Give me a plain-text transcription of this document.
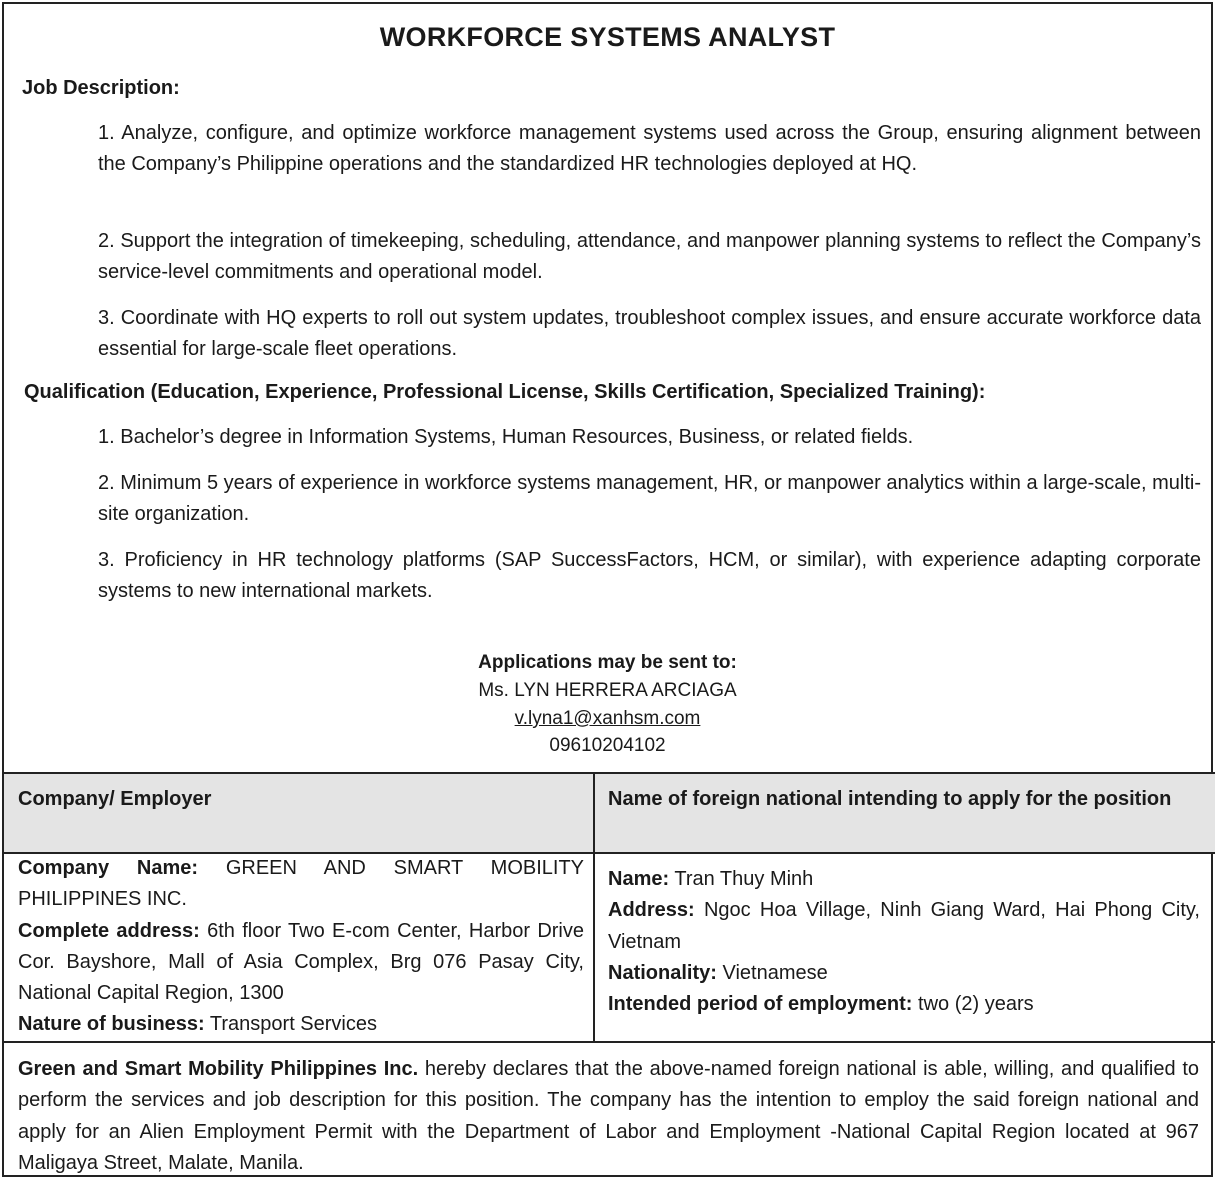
WORKFORCE SYSTEMS ANALYST
Job Description:
1. Analyze, configure, and optimize workforce management systems used across the Group, ensuring alignment between the Company’s Philippine operations and the standardized HR technologies deployed at HQ.
2. Support the integration of timekeeping, scheduling, attendance, and manpower planning systems to reflect the Company’s service-level commitments and operational model.
3. Coordinate with HQ experts to roll out system updates, troubleshoot complex issues, and ensure accurate workforce data essential for large-scale fleet operations.
Qualification (Education, Experience, Professional License, Skills Certification, Specialized Training):
1. Bachelor’s degree in Information Systems, Human Resources, Business, or related fields.
2. Minimum 5 years of experience in workforce systems management, HR, or manpower analytics within a large-scale, multi-site organization.
3. Proficiency in HR technology platforms (SAP SuccessFactors, HCM, or similar), with experience adapting corporate systems to new international markets.
Applications may be sent to:
Ms. LYN HERRERA ARCIAGA
v.lyna1@xanhsm.com
09610204102
Company/ Employer	Name of foreign national intending to apply for the position
Company Name: GREEN AND SMART MOBILITY PHILIPPINES INC.
Complete address: 6th floor Two E-com Center, Harbor Drive Cor. Bayshore, Mall of Asia Complex, Brg 076 Pasay City, National Capital Region, 1300
Nature of business: Transport Services
Name: Tran Thuy Minh
Address: Ngoc Hoa Village, Ninh Giang Ward, Hai Phong City, Vietnam
Nationality: Vietnamese
Intended period of employment: two (2) years
Green and Smart Mobility Philippines Inc. hereby declares that the above-named foreign national is able, willing, and qualified to perform the services and job description for this position. The company has the intention to employ the said foreign national and apply for an Alien Employment Permit with the Department of Labor and Employment -National Capital Region located at 967 Maligaya Street, Malate, Manila.
